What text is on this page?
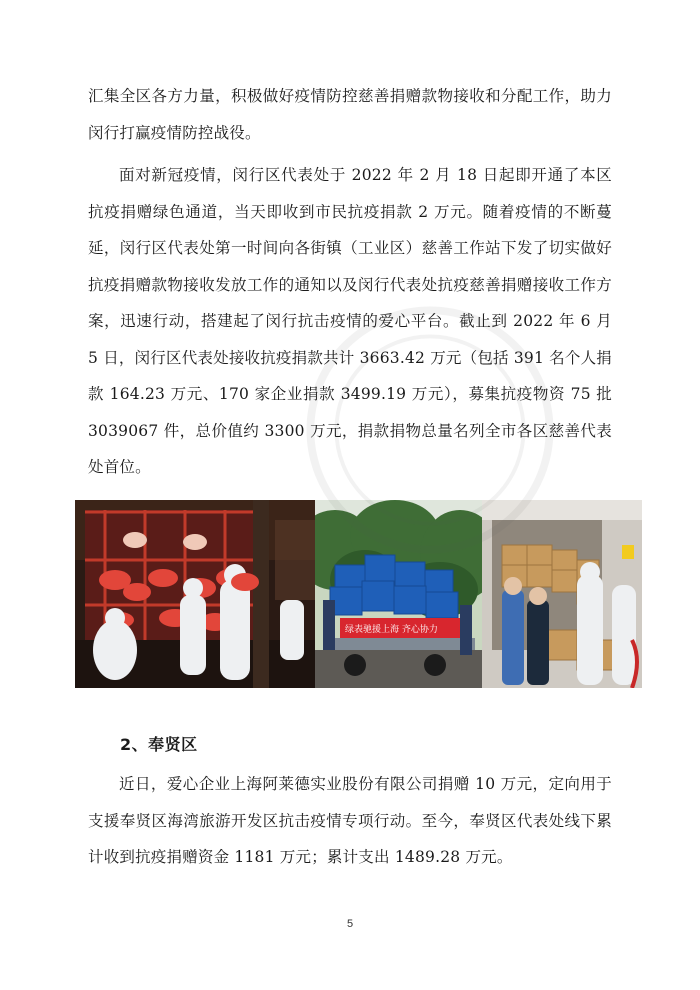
汇集全区各方力量，积极做好疫情防控慈善捐赠款物接收和分配工作，助力闵行打赢疫情防控战役。
面对新冠疫情，闵行区代表处于 2022 年 2 月 18 日起即开通了本区抗疫捐赠绿色通道，当天即收到市民抗疫捐款 2 万元。随着疫情的不断蔓延，闵行区代表处第一时间向各街镇（工业区）慈善工作站下发了切实做好抗疫捐赠款物接收发放工作的通知以及闵行代表处抗疫慈善捐赠接收工作方案，迅速行动，搭建起了闵行抗击疫情的爱心平台。截止到 2022 年 6 月 5 日，闵行区代表处接收抗疫捐款共计 3663.42 万元（包括 391 名个人捐款 164.23 万元、170 家企业捐款 3499.19 万元），募集抗疫物资 75 批 3039067 件，总价值约 3300 万元，捐款捐物总量名列全市各区慈善代表处首位。
绿表驰援上海 齐心协力
2、奉贤区
近日，爱心企业上海阿莱德实业股份有限公司捐赠 10 万元，定向用于支援奉贤区海湾旅游开发区抗击疫情专项行动。至今，奉贤区代表处线下累计收到抗疫捐赠资金 1181 万元；累计支出 1489.28 万元。
5
